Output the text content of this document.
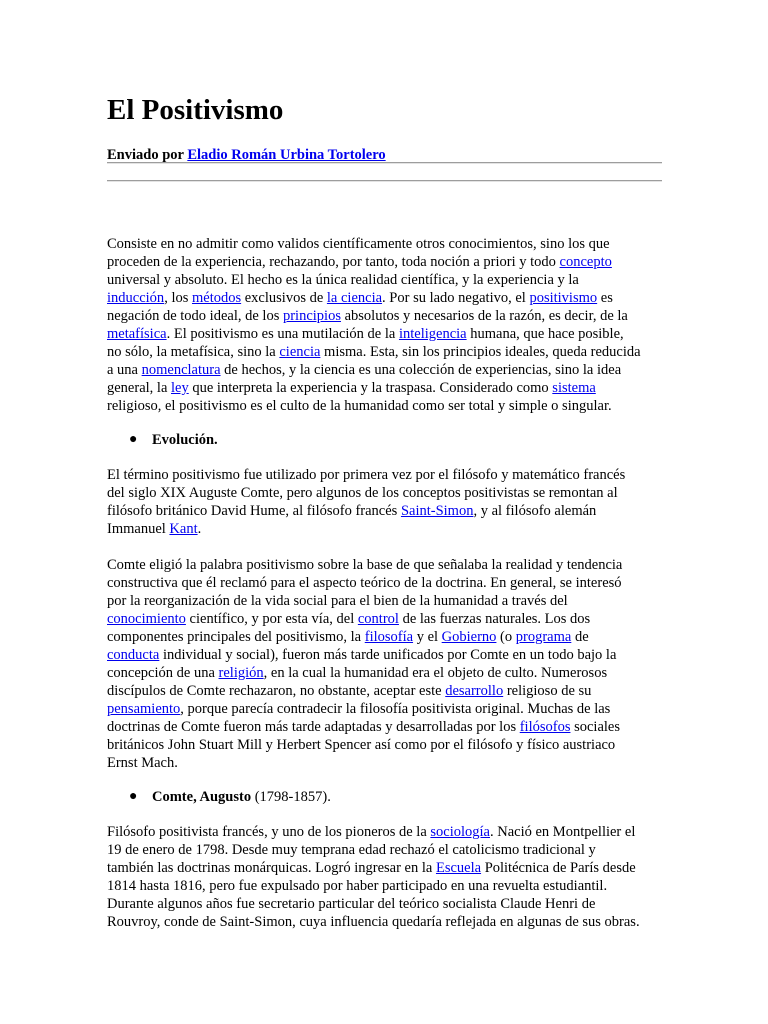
El Positivismo

Enviado por Eladio Román Urbina Tortolero

Consiste en no admitir como validos científicamente otros conocimientos, sino los que
proceden de la experiencia, rechazando, por tanto, toda noción a priori y todo concepto
universal y absoluto. El hecho es la única realidad científica, y la experiencia y la
inducción, los métodos exclusivos de la ciencia. Por su lado negativo, el positivismo es
negación de todo ideal, de los principios absolutos y necesarios de la razón, es decir, de la
metafísica. El positivismo es una mutilación de la inteligencia humana, que hace posible,
no sólo, la metafísica, sino la ciencia misma. Esta, sin los principios ideales, queda reducida
a una nomenclatura de hechos, y la ciencia es una colección de experiencias, sino la idea
general, la ley que interpreta la experiencia y la traspasa. Considerado como sistema
religioso, el positivismo es el culto de la humanidad como ser total y simple o singular.
● Evolución.
El término positivismo fue utilizado por primera vez por el filósofo y matemático francés
del siglo XIX Auguste Comte, pero algunos de los conceptos positivistas se remontan al
filósofo británico David Hume, al filósofo francés Saint-Simon, y al filósofo alemán
Immanuel Kant.
Comte eligió la palabra positivismo sobre la base de que señalaba la realidad y tendencia
constructiva que él reclamó para el aspecto teórico de la doctrina. En general, se interesó
por la reorganización de la vida social para el bien de la humanidad a través del
conocimiento científico, y por esta vía, del control de las fuerzas naturales. Los dos
componentes principales del positivismo, la filosofía y el Gobierno (o programa de
conducta individual y social), fueron más tarde unificados por Comte en un todo bajo la
concepción de una religión, en la cual la humanidad era el objeto de culto. Numerosos
discípulos de Comte rechazaron, no obstante, aceptar este desarrollo religioso de su
pensamiento, porque parecía contradecir la filosofía positivista original. Muchas de las
doctrinas de Comte fueron más tarde adaptadas y desarrolladas por los filósofos sociales
británicos John Stuart Mill y Herbert Spencer así como por el filósofo y físico austriaco
Ernst Mach.
● Comte, Augusto (1798-1857).
Filósofo positivista francés, y uno de los pioneros de la sociología. Nació en Montpellier el
19 de enero de 1798. Desde muy temprana edad rechazó el catolicismo tradicional y
también las doctrinas monárquicas. Logró ingresar en la Escuela Politécnica de París desde
1814 hasta 1816, pero fue expulsado por haber participado en una revuelta estudiantil.
Durante algunos años fue secretario particular del teórico socialista Claude Henri de
Rouvroy, conde de Saint-Simon, cuya influencia quedaría reflejada en algunas de sus obras.
